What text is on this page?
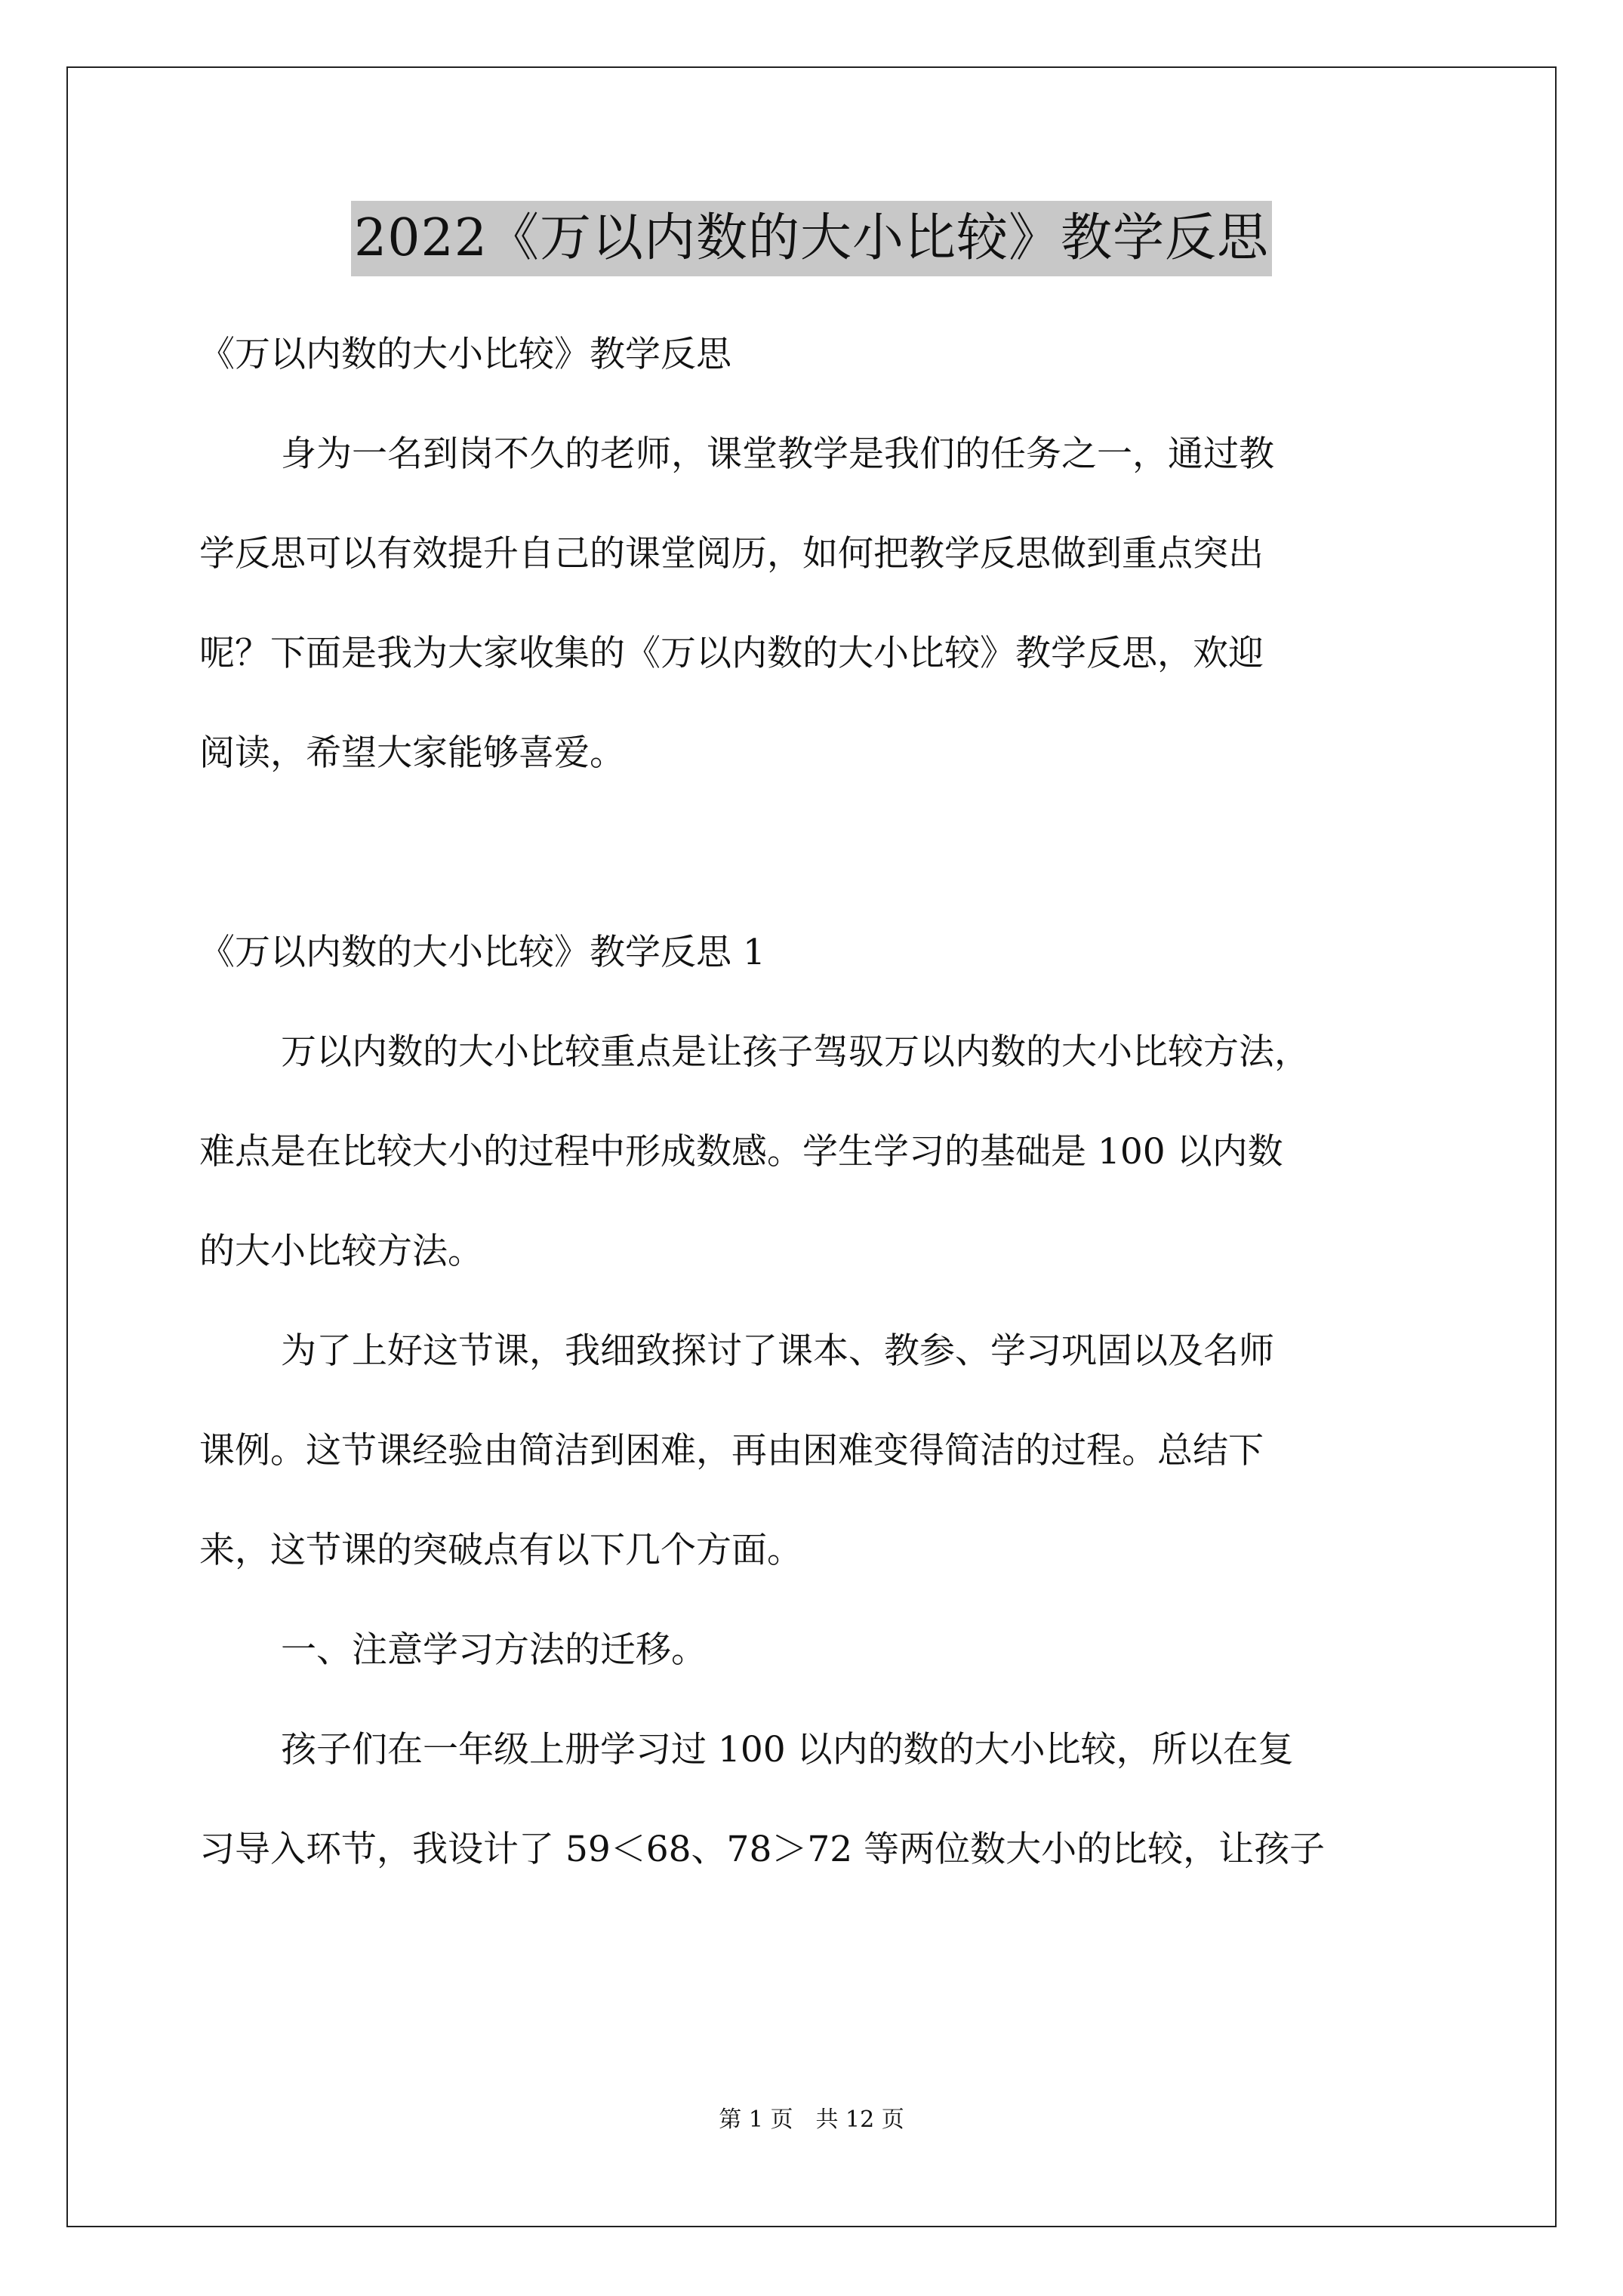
2022《万以内数的大小比较》教学反思
《万以内数的大小比较》教学反思
身为一名到岗不久的老师，课堂教学是我们的任务之一，通过教
学反思可以有效提升自己的课堂阅历，如何把教学反思做到重点突出
呢？下面是我为大家收集的《万以内数的大小比较》教学反思，欢迎
阅读，希望大家能够喜爱。
《万以内数的大小比较》教学反思 1
万以内数的大小比较重点是让孩子驾驭万以内数的大小比较方法，
难点是在比较大小的过程中形成数感。学生学习的基础是 100 以内数
的大小比较方法。
为了上好这节课，我细致探讨了课本、教参、学习巩固以及名师
课例。这节课经验由简洁到困难，再由困难变得简洁的过程。总结下
来，这节课的突破点有以下几个方面。
一、注意学习方法的迁移。
孩子们在一年级上册学习过 100 以内的数的大小比较，所以在复
习导入环节，我设计了 59＜68、78＞72 等两位数大小的比较，让孩子
第 1 页　共 12 页
